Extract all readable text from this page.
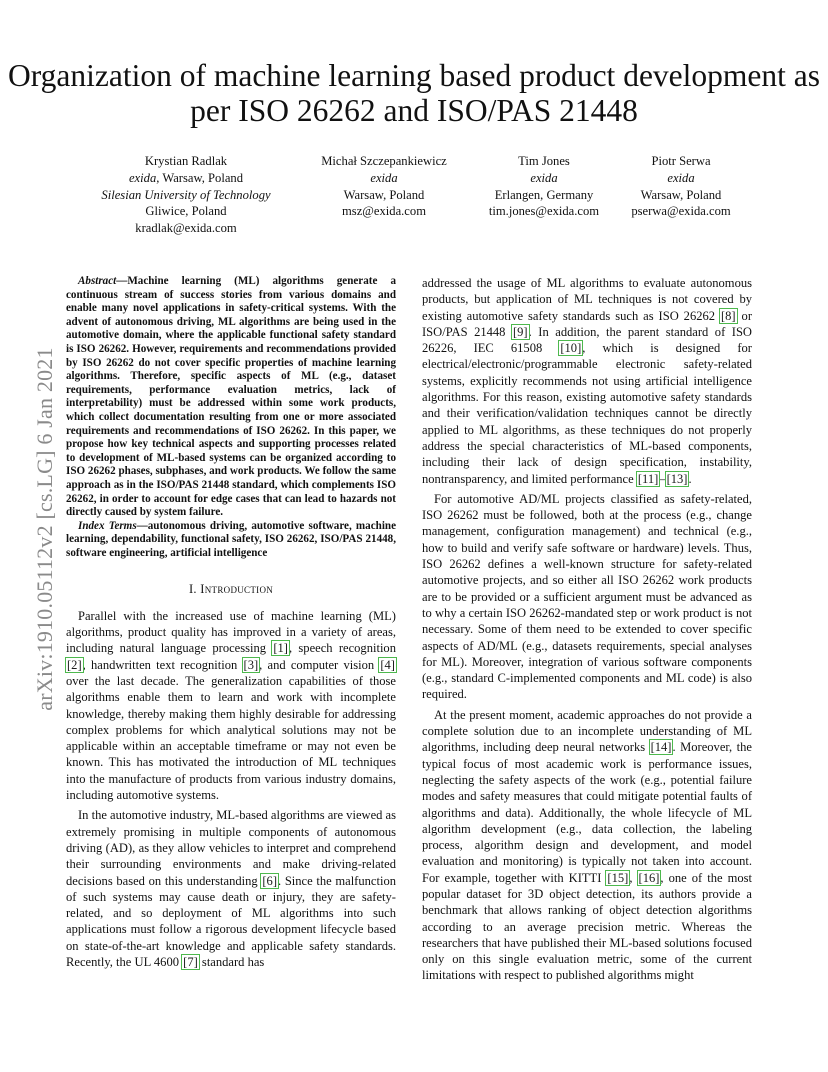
Organization of machine learning based product development as per ISO 26262 and ISO/PAS 21448
Krystian Radlak
exida, Warsaw, Poland
Silesian University of Technology
Gliwice, Poland
kradlak@exida.com
Michał Szczepankiewicz
exida
Warsaw, Poland
msz@exida.com
Tim Jones
exida
Erlangen, Germany
tim.jones@exida.com
Piotr Serwa
exida
Warsaw, Poland
pserwa@exida.com
arXiv:1910.05112v2 [cs.LG] 6 Jan 2021

Abstract—Machine learning (ML) algorithms generate a continuous stream of success stories from various domains and enable many novel applications in safety-critical systems. With the advent of autonomous driving, ML algorithms are being used in the automotive domain, where the applicable functional safety standard is ISO 26262. However, requirements and recommendations provided by ISO 26262 do not cover specific properties of machine learning algorithms. Therefore, specific aspects of ML (e.g., dataset requirements, performance evaluation metrics, lack of interpretability) must be addressed within some work products, which collect documentation resulting from one or more associated requirements and recommendations of ISO 26262. In this paper, we propose how key technical aspects and supporting processes related to development of ML-based systems can be organized according to ISO 26262 phases, subphases, and work products. We follow the same approach as in the ISO/PAS 21448 standard, which complements ISO 26262, in order to account for edge cases that can lead to hazards not directly caused by system failure.

Index Terms—autonomous driving, automotive software, machine learning, dependability, functional safety, ISO 26262, ISO/PAS 21448, software engineering, artificial intelligence

I. Introduction

Parallel with the increased use of machine learning (ML) algorithms, product quality has improved in a variety of areas, including natural language processing [1], speech recognition [2], handwritten text recognition [3], and computer vision [4] over the last decade. The generalization capabilities of those algorithms enable them to learn and work with incomplete knowledge, thereby making them highly desirable for addressing complex problems for which analytical solutions may not be applicable within an acceptable timeframe or may not even be known. This has motivated the introduction of ML techniques into the manufacture of products from various industry domains, including automotive systems.

In the automotive industry, ML-based algorithms are viewed as extremely promising in multiple components of autonomous driving (AD), as they allow vehicles to interpret and comprehend their surrounding environments and make driving-related decisions based on this understanding [6]. Since the malfunction of such systems may cause death or injury, they are safety-related, and so deployment of ML algorithms into such applications must follow a rigorous development lifecycle based on state-of-the-art knowledge and applicable safety standards. Recently, the UL 4600 [7] standard has

addressed the usage of ML algorithms to evaluate autonomous products, but application of ML techniques is not covered by existing automotive safety standards such as ISO 26262 [8] or ISO/PAS 21448 [9]. In addition, the parent standard of ISO 26226, IEC 61508 [10], which is designed for electrical/electronic/programmable electronic safety-related systems, explicitly recommends not using artificial intelligence algorithms. For this reason, existing automotive safety standards and their verification/validation techniques cannot be directly applied to ML algorithms, as these techniques do not properly address the special characteristics of ML-based components, including their lack of design specification, instability, nontransparency, and limited performance [11]–[13].

For automotive AD/ML projects classified as safety-related, ISO 26262 must be followed, both at the process (e.g., change management, configuration management) and technical (e.g., how to build and verify safe software or hardware) levels. Thus, ISO 26262 defines a well-known structure for safety-related automotive projects, and so either all ISO 26262 work products are to be provided or a sufficient argument must be advanced as to why a certain ISO 26262-mandated step or work product is not necessary. Some of them need to be extended to cover specific aspects of AD/ML (e.g., datasets requirements, special analyses for ML). Moreover, integration of various software components (e.g., standard C-implemented components and ML code) is also required.

At the present moment, academic approaches do not provide a complete solution due to an incomplete understanding of ML algorithms, including deep neural networks [14]. Moreover, the typical focus of most academic work is performance issues, neglecting the safety aspects of the work (e.g., potential failure modes and safety measures that could mitigate potential faults of algorithms and data). Additionally, the whole lifecycle of ML algorithm development (e.g., data collection, the labeling process, algorithm design and development, and model evaluation and monitoring) is typically not taken into account. For example, together with KITTI [15], [16], one of the most popular dataset for 3D object detection, its authors provide a benchmark that allows ranking of object detection algorithms according to an average precision metric. Whereas the researchers that have published their ML-based solutions focused only on this single evaluation metric, some of the current limitations with respect to published algorithms might
